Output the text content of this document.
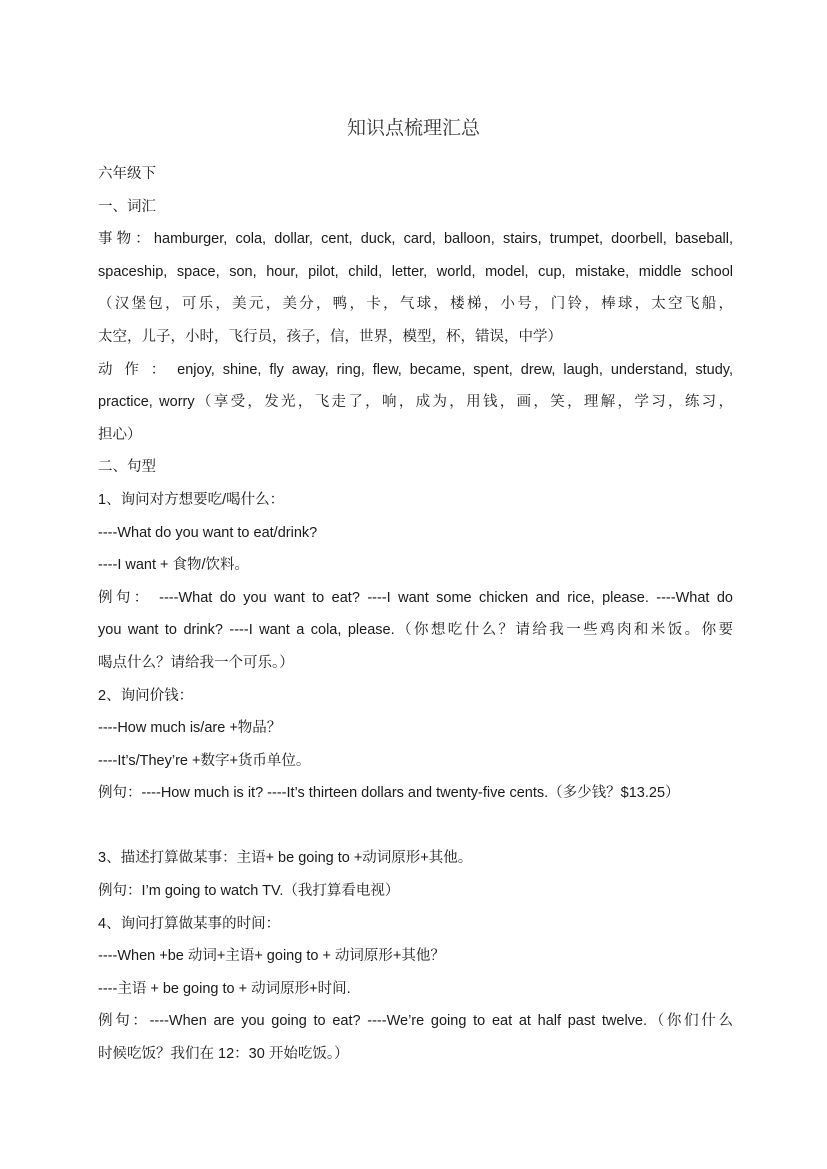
知识点梳理汇总
六年级下
一、词汇
事物：hamburger, cola, dollar, cent, duck, card, balloon, stairs, trumpet, doorbell, baseball,
spaceship, space, son, hour, pilot, child, letter, world, model, cup, mistake, middle school
（汉堡包，可乐，美元，美分，鸭，卡，气球，楼梯，小号，门铃，棒球，太空飞船，
太空，儿子，小时，飞行员，孩子，信，世界，模型，杯，错误，中学）
动 作 ： enjoy, shine, fly away, ring, flew, became, spent, drew, laugh, understand, study,
practice, worry（享受，发光，飞走了，响，成为，用钱，画，笑，理解，学习，练习，
担心）
二、句型
1、询问对方想要吃/喝什么：
----What do you want to eat/drink?
----I want + 食物/饮料。
例句： ----What do you want to eat? ----I want some chicken and rice, please. ----What do
you want to drink? ----I want a cola, please.（你想吃什么？请给我一些鸡肉和米饭。你要
喝点什么？请给我一个可乐。）
2、询问价钱：
----How much is/are +物品？
----It’s/They’re +数字+货币单位。
例句：----How much is it? ----It’s thirteen dollars and twenty-five cents.（多少钱？$13.25）
3、描述打算做某事：主语+ be going to +动词原形+其他。
例句：I’m going to watch TV.（我打算看电视）
4、询问打算做某事的时间：
----When +be 动词+主语+ going to + 动词原形+其他？
----主语 + be going to + 动词原形+时间.
例句：----When are you going to eat? ----We’re going to eat at half past twelve.（你们什么
时候吃饭？我们在 12：30 开始吃饭。）
